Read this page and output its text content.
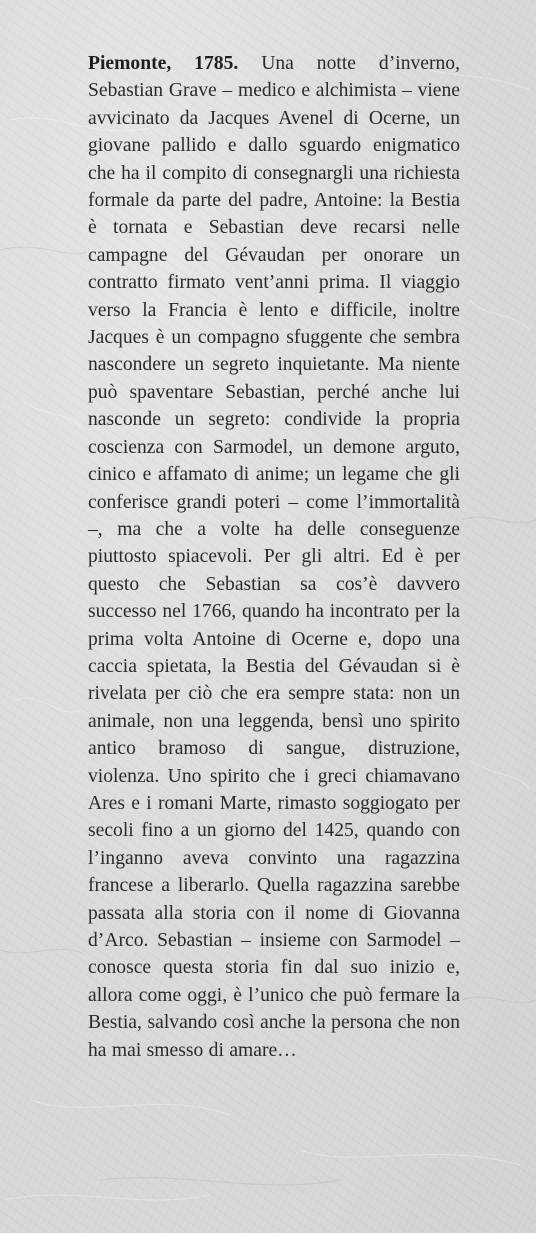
Piemonte, 1785. Una notte d’inverno, Sebastian Grave – medico e alchimista – viene avvicinato da Jacques Avenel di Ocerne, un giovane pallido e dallo sguardo enigmatico che ha il compito di consegnargli una richiesta formale da parte del padre, Antoine: la Bestia è tornata e Sebastian deve recarsi nelle campagne del Gévaudan per onorare un contratto firmato vent’anni prima. Il viaggio verso la Francia è lento e difficile, inoltre Jacques è un compagno sfuggente che sembra nascondere un segreto inquietante. Ma niente può spaventare Sebastian, perché anche lui nasconde un segreto: condivide la propria coscienza con Sarmodel, un demone arguto, cinico e affamato di anime; un legame che gli conferisce grandi poteri – come l’immortalità –, ma che a volte ha delle conseguenze piuttosto spiacevoli. Per gli altri. Ed è per questo che Sebastian sa cos’è davvero successo nel 1766, quando ha incontrato per la prima volta Antoine di Ocerne e, dopo una caccia spietata, la Bestia del Gévaudan si è rivelata per ciò che era sempre stata: non un animale, non una leggenda, bensì uno spirito antico bramoso di sangue, distruzione, violenza. Uno spirito che i greci chiamavano Ares e i romani Marte, rimasto soggiogato per secoli fino a un giorno del 1425, quando con l’inganno aveva convinto una ragazzina francese a liberarlo. Quella ragazzina sarebbe passata alla storia con il nome di Giovanna d’Arco. Sebastian – insieme con Sarmodel – conosce questa storia fin dal suo inizio e, allora come oggi, è l’unico che può fermare la Bestia, salvando così anche la persona che non ha mai smesso di amare…
